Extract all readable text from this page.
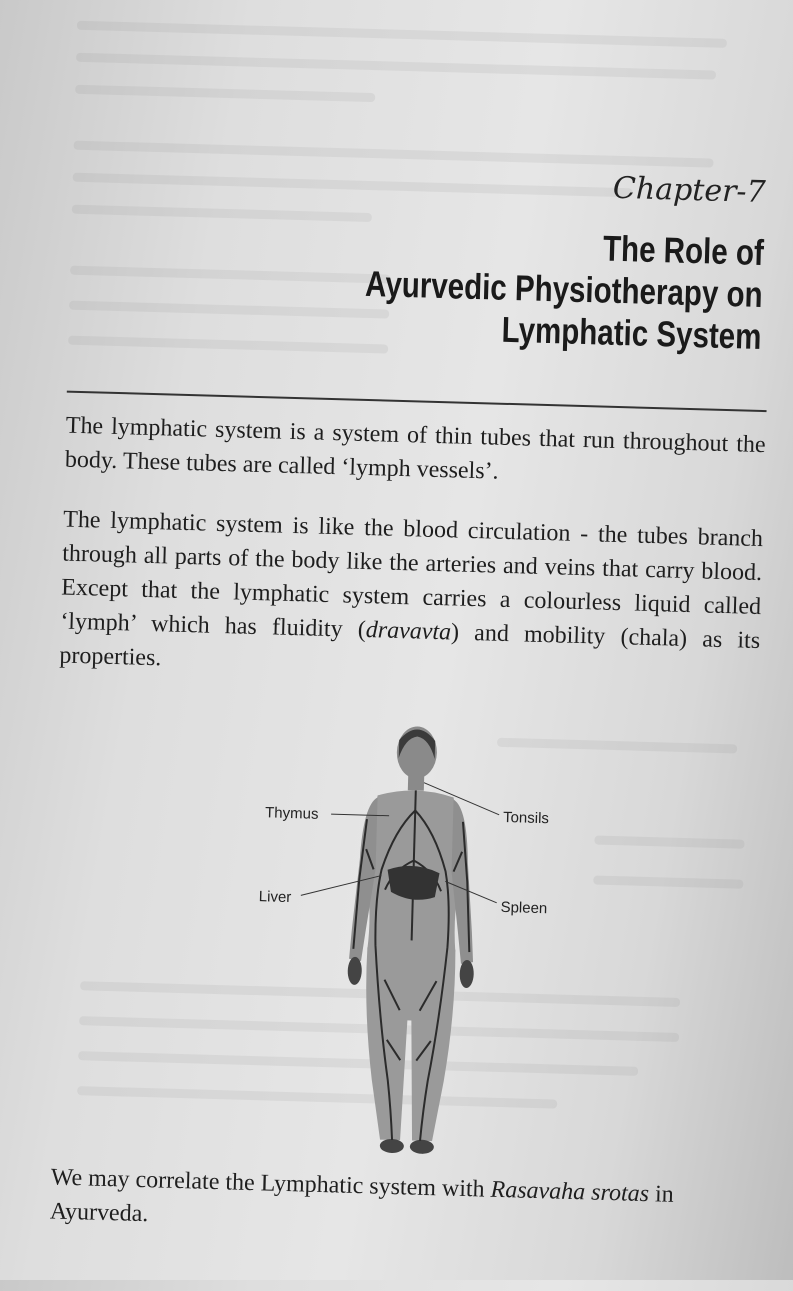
Chapter-7
The Role of
Ayurvedic Physiotherapy on
Lymphatic System

The lymphatic system is a system of thin tubes that run throughout the body. These tubes are called ‘lymph vessels’.

The lymphatic system is like the blood circulation - the tubes branch through all parts of the body like the arteries and veins that carry blood. Except that the lymphatic system carries a colourless liquid called ‘lymph’ which has fluidity (dravavta) and mobility (chala) as its properties.

Thymus	Tonsils
Liver
Spleen

We may correlate the Lymphatic system with Rasavaha srotas in Ayurveda.
